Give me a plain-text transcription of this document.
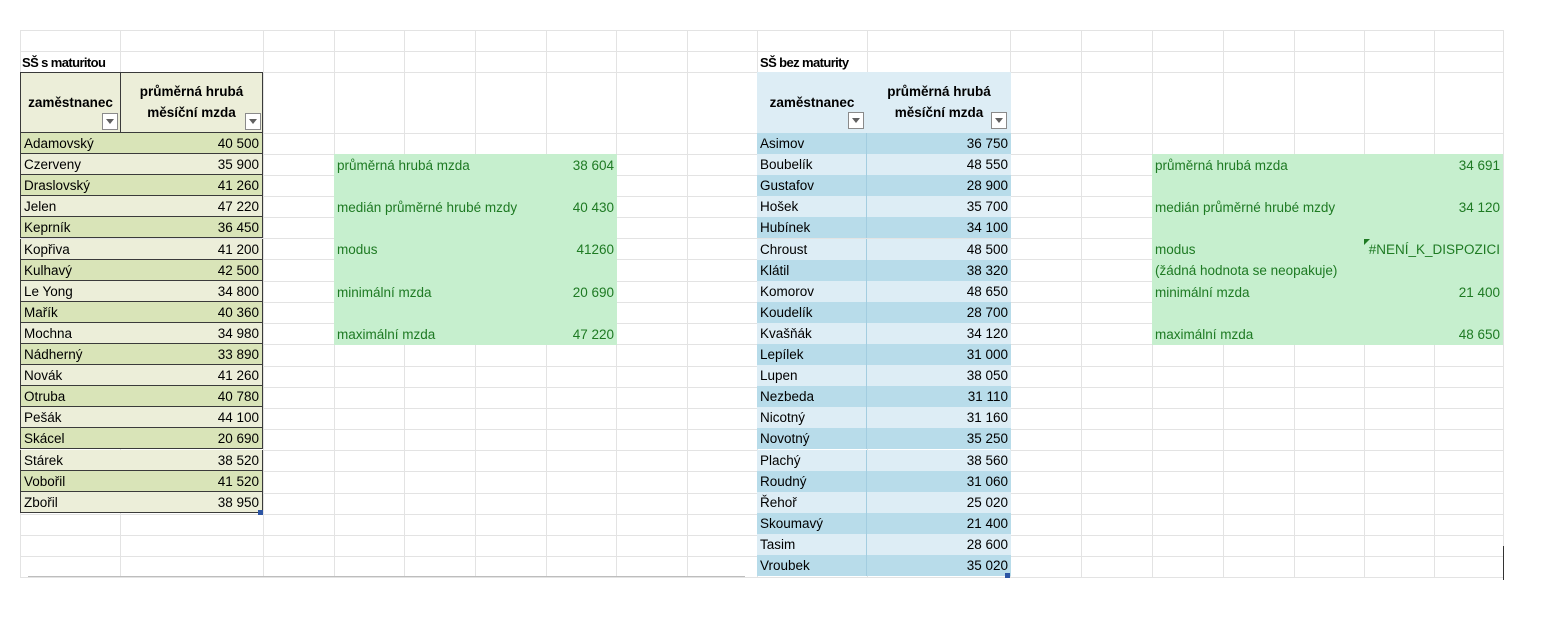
SŠ s maturitou
zaměstnanec
průměrná hrubá
měsíční mzda
Adamovský	40 500
Czerveny	35 900
Draslovský	41 260
Jelen	47 220
Keprník	36 450
Kopřiva	41 200
Kulhavý	42 500
Le Yong	34 800
Mařík	40 360
Mochna	34 980
Nádherný	33 890
Novák	41 260
Otruba	40 780
Pešák	44 100
Skácel	20 690
Stárek	38 520
Vobořil	41 520
Zbořil	38 950
průměrná hrubá mzda	38 604
medián průměrné hrubé mzdy	40 430
modus	41260
minimální mzda	20 690
maximální mzda	47 220
SŠ bez maturity
zaměstnanec
průměrná hrubá
měsíční mzda
Asimov	36 750
Boubelík	48 550
Gustafov	28 900
Hošek	35 700
Hubínek	34 100
Chroust	48 500
Klátil	38 320
Komorov	48 650
Koudelík	28 700
Kvašňák	34 120
Lepílek	31 000
Lupen	38 050
Nezbeda	31 110
Nicotný	31 160
Novotný	35 250
Plachý	38 560
Roudný	31 060
Řehoř	25 020
Skoumavý	21 400
Tasim	28 600
Vroubek	35 020
průměrná hrubá mzda	34 691
medián průměrné hrubé mzdy	34 120
modus	#NENÍ_K_DISPOZICI
(žádná hodnota se neopakuje)
minimální mzda	21 400
maximální mzda	48 650
